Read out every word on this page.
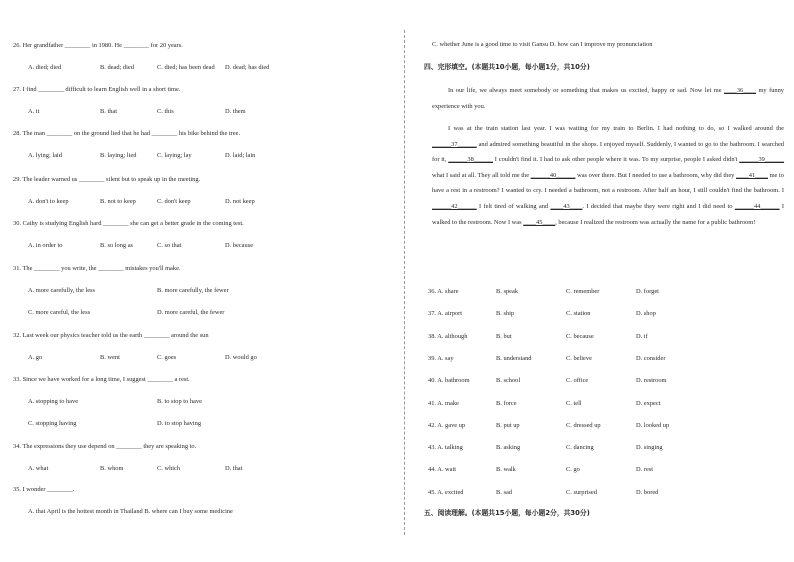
26. Her grandfather ________ in 1980. He ________ for 20 years.
A. died; died	B. dead; died	C. died; has been dead D. dead; has died
27. I find ________ difficult to learn English well in a short time.
A. it	B. that	C. this	D. them
28. The man ________ on the ground lied that he had ________ his bike behind the tree.
A. lying; laid	B. laying; lied	C. laying; lay	D. laid; lain
29. The leader warned us ________ silent but to speak up in the meeting.
A. don't to keep	B. not to keep	C. don't keep	D. not keep
30. Cathy is studying English hard ________ she can get a better grade in the coming test.
A. in order to	B. so long as	C. so that	D. because
31. The ________ you write, the ________ mistakes you'll make.
A. more carefully, the less	B. more carefully, the fewer
C. more careful, the less	D. more careful, the fewer
32. Last week our physics teacher told us the earth ________ around the sun
A. go	B. went	C. goes	D. would go
33. Since we have worked for a long time, I suggest ________ a rest.
A. stopping to have	B. to stop to have
C. stopping having	D. to stop having
34. The expressions they use depend on ________ they are speaking to.
A. what	B. whom	C. which	D. that
35. I wonder ________.
A. that April is the hottest month in Thailand B. where can I buy some medicine
C. whether June is a good time to visit Gansu D. how can I improve my pronunciation
四、完形填空。(本题共10小题，每小题1分，共10分)
In our life, we always meet somebody or something that makes us excited, happy or sad. Now let me ____36____ my funny experience with you.
I was at the train station last year. I was waiting for my train to Berlin. I had nothing to do, so I walked around the ______37______ and admired something beautiful in the shops. I enjoyed myself. Suddenly, I wanted to go to the bathroom. I searched for it, ______38______ I couldn't find it. I had to ask other people where it was. To my surprise, people I asked didn't ______39______ what I said at all. They all told me the ______40______ was over there. But I needed to use a bathroom, why did they ____41____ me to have a rest in a restroom? I wanted to cry. I needed a bathroom, not a restroom. After half an hour, I still couldn't find the bathroom. I ______42______ I felt tired of walking and ____43____. I decided that maybe they were right and I did need to ______44______ I walked to the restroom. Now I was ____45____, because I realized the restroom was actually the name for a public bathroom!
36. A. share	B. speak	C. remember	D. forget
37. A. airport	B. ship	C. station	D. shop
38. A. although	B. but	C. because	D. if
39. A. say	B. understand	C. believe	D. consider
40. A. bathroom	B. school	C. office	D. restroom
41. A. make	B. force	C. tell	D. expect
42. A. gave up	B. put up	C. dressed up	D. looked up
43. A. talking	B. asking	C. dancing	D. singing
44. A. wait	B. walk	C. go	D. rest
45. A. excited	B. sad	C. surprised	D. bored
五、阅读理解。(本题共15小题，每小题2分，共30分)
